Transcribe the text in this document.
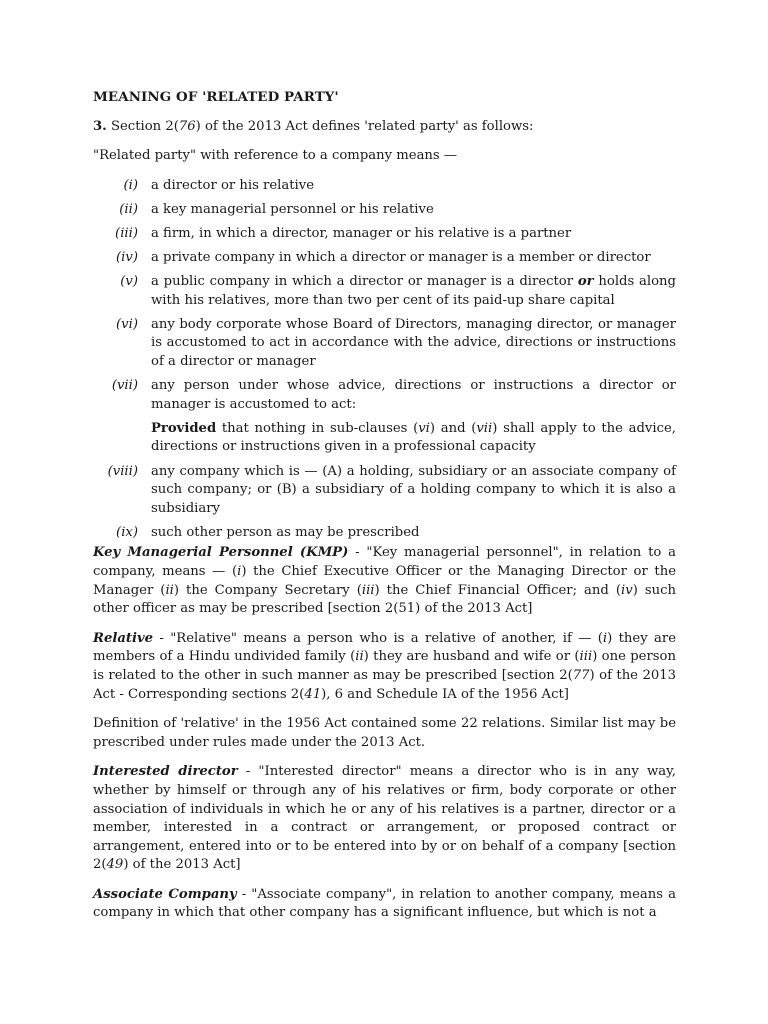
MEANING OF 'RELATED PARTY'
3. Section 2(76) of the 2013 Act defines 'related party' as follows:
"Related party" with reference to a company means —
(i) a director or his relative
(ii) a key managerial personnel or his relative
(iii) a firm, in which a director, manager or his relative is a partner
(iv) a private company in which a director or manager is a member or director
(v) a public company in which a director or manager is a director or holds along with his relatives, more than two per cent of its paid-up share capital
(vi) any body corporate whose Board of Directors, managing director, or manager is accustomed to act in accordance with the advice, directions or instructions of a director or manager
(vii) any person under whose advice, directions or instructions a director or manager is accustomed to act:
Provided that nothing in sub-clauses (vi) and (vii) shall apply to the advice, directions or instructions given in a professional capacity
(viii) any company which is — (A) a holding, subsidiary or an associate company of such company; or (B) a subsidiary of a holding company to which it is also a subsidiary
(ix) such other person as may be prescribed
Key Managerial Personnel (KMP) - "Key managerial personnel", in relation to a company, means — (i) the Chief Executive Officer or the Managing Director or the Manager (ii) the Company Secretary (iii) the Chief Financial Officer; and (iv) such other officer as may be prescribed [section 2(51) of the 2013 Act]
Relative - "Relative" means a person who is a relative of another, if — (i) they are members of a Hindu undivided family (ii) they are husband and wife or (iii) one person is related to the other in such manner as may be prescribed [section 2(77) of the 2013 Act - Corresponding sections 2(41), 6 and Schedule IA of the 1956 Act]
Definition of 'relative' in the 1956 Act contained some 22 relations. Similar list may be prescribed under rules made under the 2013 Act.
Interested director - "Interested director" means a director who is in any way, whether by himself or through any of his relatives or firm, body corporate or other association of individuals in which he or any of his relatives is a partner, director or a member, interested in a contract or arrangement, or proposed contract or arrangement, entered into or to be entered into by or on behalf of a company [section 2(49) of the 2013 Act]
Associate Company - "Associate company", in relation to another company, means a company in which that other company has a significant influence, but which is not a
